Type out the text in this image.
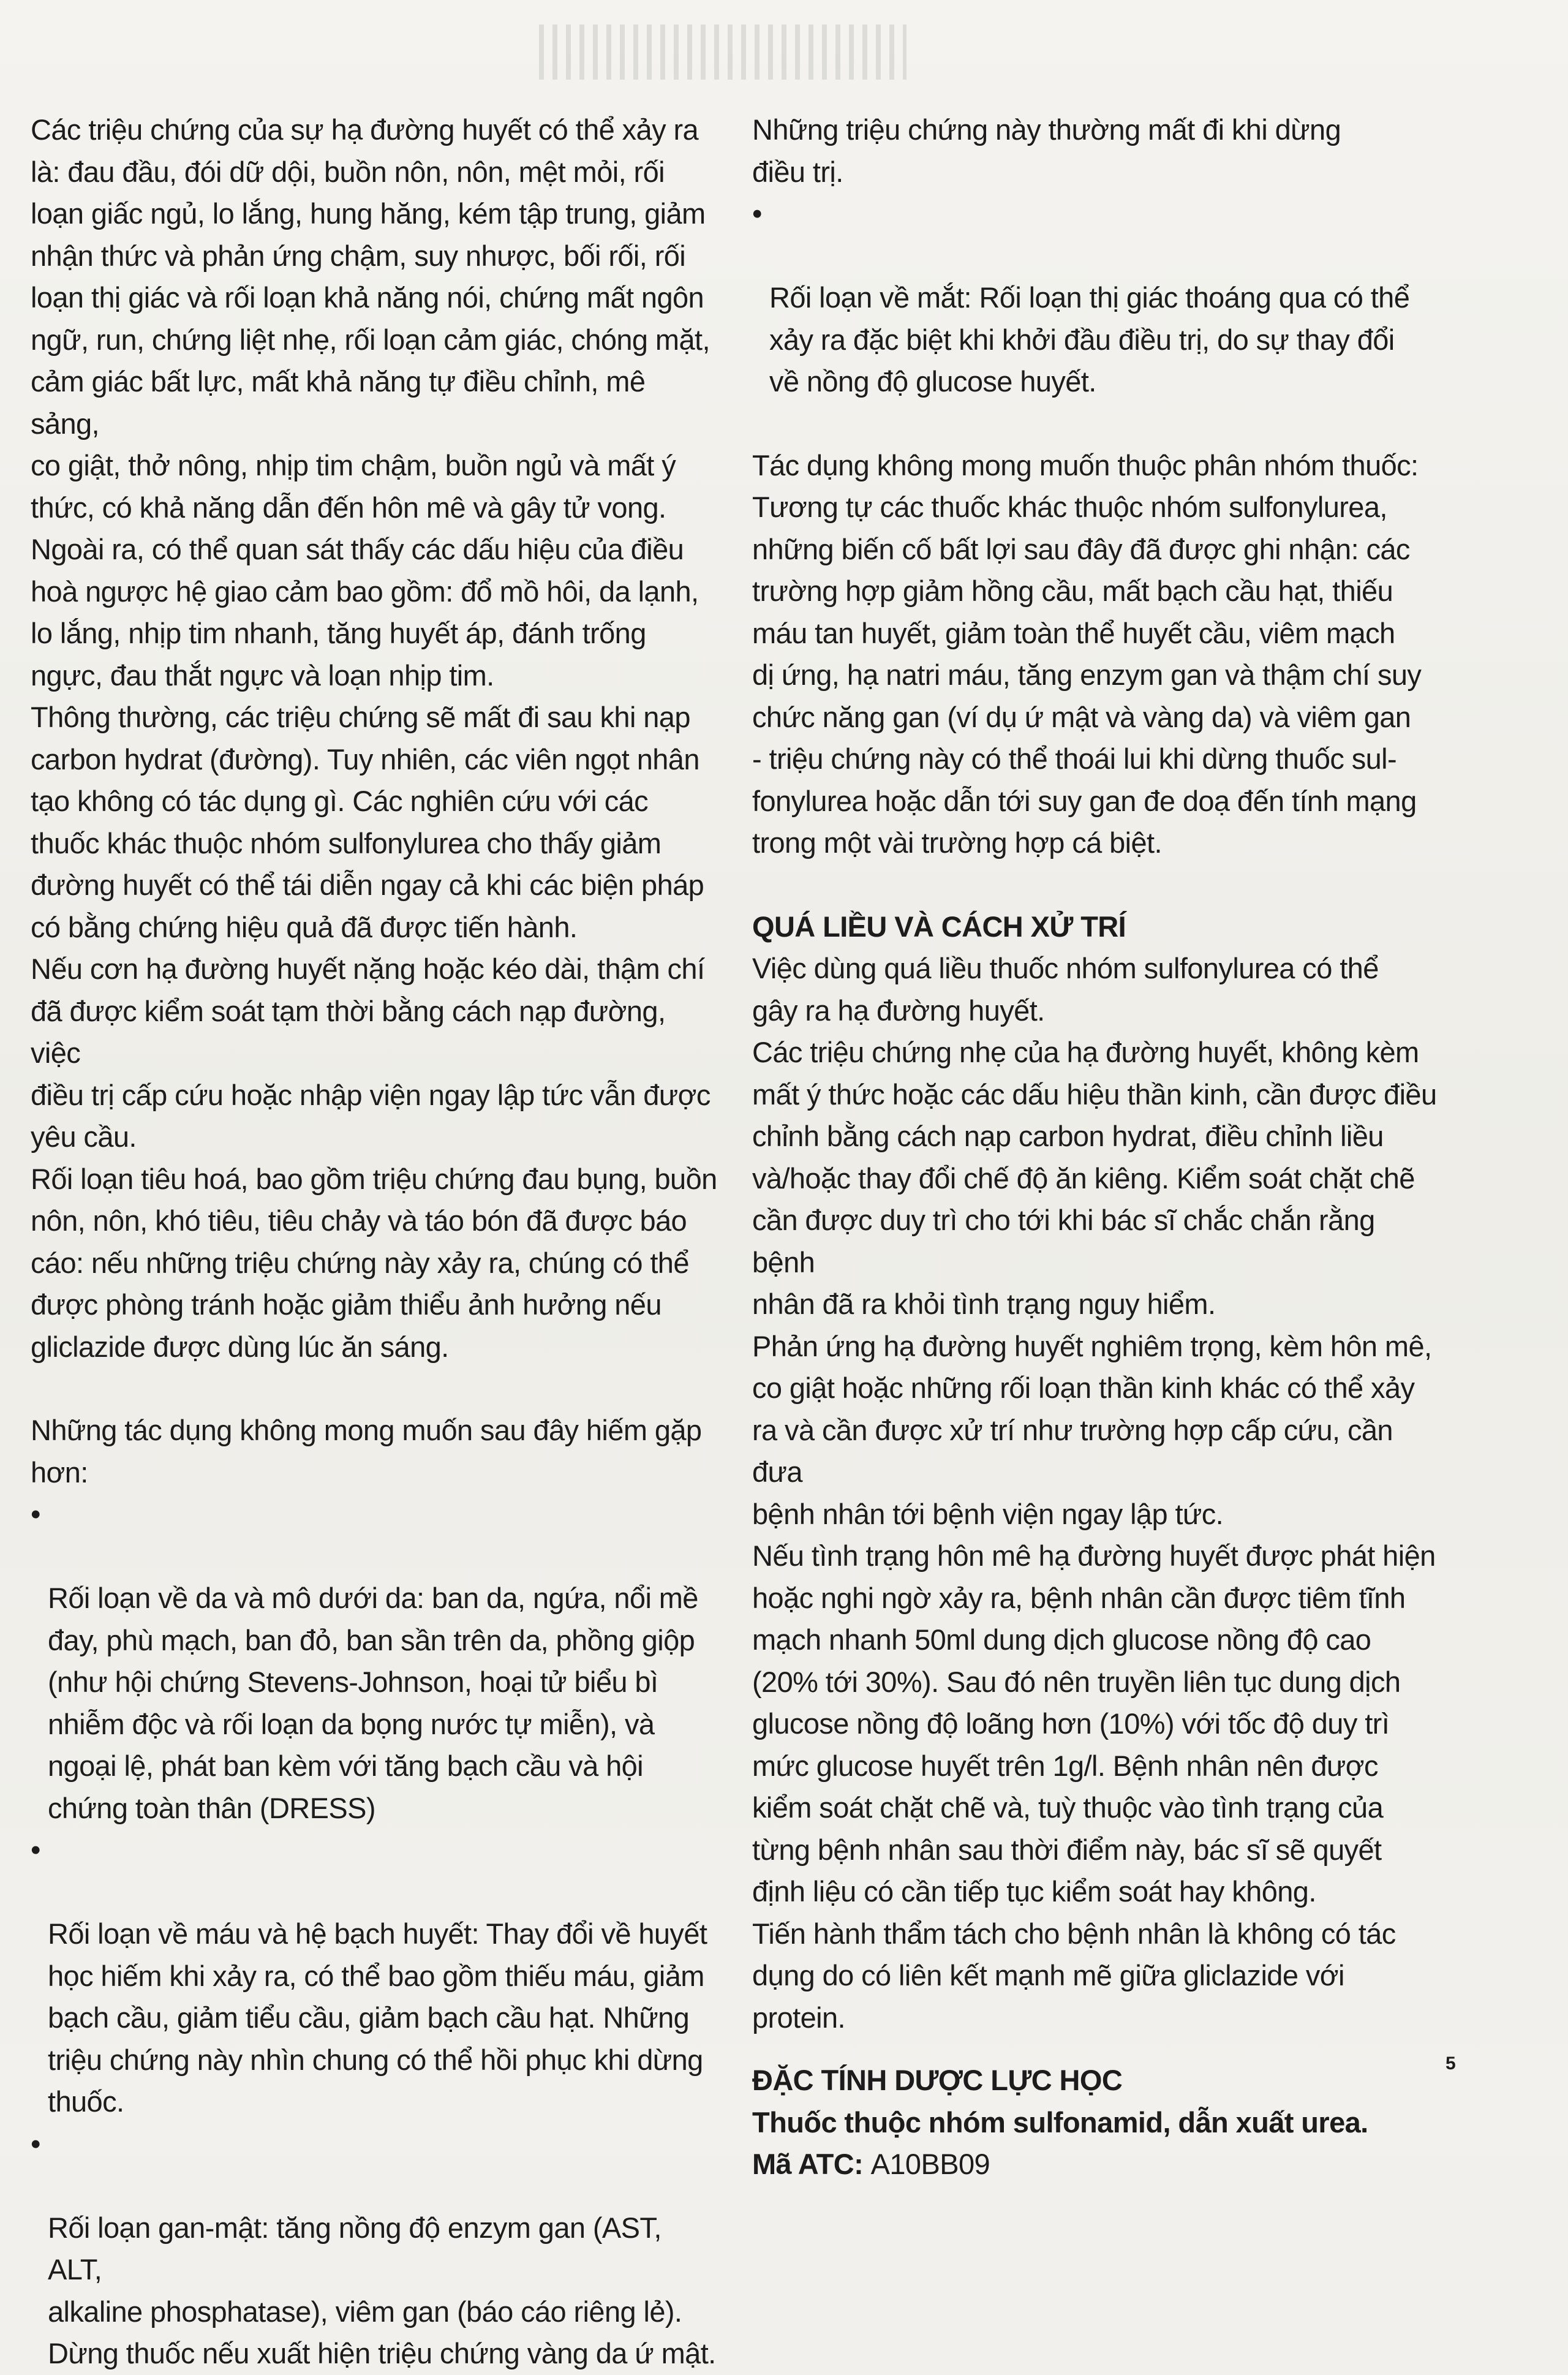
Các triệu chứng của sự hạ đường huyết có thể xảy ra
là: đau đầu, đói dữ dội, buồn nôn, nôn, mệt mỏi, rối
loạn giấc ngủ, lo lắng, hung hăng, kém tập trung, giảm
nhận thức và phản ứng chậm, suy nhược, bối rối, rối
loạn thị giác và rối loạn khả năng nói, chứng mất ngôn
ngữ, run, chứng liệt nhẹ, rối loạn cảm giác, chóng mặt,
cảm giác bất lực, mất khả năng tự điều chỉnh, mê sảng,
co giật, thở nông, nhịp tim chậm, buồn ngủ và mất ý
thức, có khả năng dẫn đến hôn mê và gây tử vong.

Ngoài ra, có thể quan sát thấy các dấu hiệu của điều
hoà ngược hệ giao cảm bao gồm: đổ mồ hôi, da lạnh,
lo lắng, nhịp tim nhanh, tăng huyết áp, đánh trống
ngực, đau thắt ngực và loạn nhịp tim.

Thông thường, các triệu chứng sẽ mất đi sau khi nạp
carbon hydrat (đường). Tuy nhiên, các viên ngọt nhân
tạo không có tác dụng gì. Các nghiên cứu với các
thuốc khác thuộc nhóm sulfonylurea cho thấy giảm
đường huyết có thể tái diễn ngay cả khi các biện pháp
có bằng chứng hiệu quả đã được tiến hành.

Nếu cơn hạ đường huyết nặng hoặc kéo dài, thậm chí
đã được kiểm soát tạm thời bằng cách nạp đường, việc
điều trị cấp cứu hoặc nhập viện ngay lập tức vẫn được
yêu cầu.

Rối loạn tiêu hoá, bao gồm triệu chứng đau bụng, buồn
nôn, nôn, khó tiêu, tiêu chảy và táo bón đã được báo
cáo: nếu những triệu chứng này xảy ra, chúng có thể
được phòng tránh hoặc giảm thiểu ảnh hưởng nếu
gliclazide được dùng lúc ăn sáng.

Những tác dụng không mong muốn sau đây hiếm gặp
hơn:

•

Rối loạn về da và mô dưới da: ban da, ngứa, nổi mề
đay, phù mạch, ban đỏ, ban sần trên da, phồng giộp
(như hội chứng Stevens-Johnson, hoại tử biểu bì
nhiễm độc và rối loạn da bọng nước tự miễn), và
ngoại lệ, phát ban kèm với tăng bạch cầu và hội
chứng toàn thân (DRESS)

•

Rối loạn về máu và hệ bạch huyết: Thay đổi về huyết
học hiếm khi xảy ra, có thể bao gồm thiếu máu, giảm
bạch cầu, giảm tiểu cầu, giảm bạch cầu hạt. Những
triệu chứng này nhìn chung có thể hồi phục khi dừng
thuốc.

•

Rối loạn gan-mật: tăng nồng độ enzym gan (AST, ALT,
alkaline phosphatase), viêm gan (báo cáo riêng lẻ).
Dừng thuốc nếu xuất hiện triệu chứng vàng da ứ mật.

Những triệu chứng này thường mất đi khi dừng
điều trị.

•

Rối loạn về mắt: Rối loạn thị giác thoáng qua có thể
xảy ra đặc biệt khi khởi đầu điều trị, do sự thay đổi
về nồng độ glucose huyết.

Tác dụng không mong muốn thuộc phân nhóm thuốc:
Tương tự các thuốc khác thuộc nhóm sulfonylurea,
những biến cố bất lợi sau đây đã được ghi nhận: các
trường hợp giảm hồng cầu, mất bạch cầu hạt, thiếu
máu tan huyết, giảm toàn thể huyết cầu, viêm mạch
dị ứng, hạ natri máu, tăng enzym gan và thậm chí suy
chức năng gan (ví dụ ứ mật và vàng da) và viêm gan
- triệu chứng này có thể thoái lui khi dừng thuốc sul-
fonylurea hoặc dẫn tới suy gan đe doạ đến tính mạng
trong một vài trường hợp cá biệt.

QUÁ LIỀU VÀ CÁCH XỬ TRÍ

Việc dùng quá liều thuốc nhóm sulfonylurea có thể
gây ra hạ đường huyết.

Các triệu chứng nhẹ của hạ đường huyết, không kèm
mất ý thức hoặc các dấu hiệu thần kinh, cần được điều
chỉnh bằng cách nạp carbon hydrat, điều chỉnh liều
và/hoặc thay đổi chế độ ăn kiêng. Kiểm soát chặt chẽ
cần được duy trì cho tới khi bác sĩ chắc chắn rằng bệnh
nhân đã ra khỏi tình trạng nguy hiểm.

Phản ứng hạ đường huyết nghiêm trọng, kèm hôn mê,
co giật hoặc những rối loạn thần kinh khác có thể xảy
ra và cần được xử trí như trường hợp cấp cứu, cần đưa
bệnh nhân tới bệnh viện ngay lập tức.

Nếu tình trạng hôn mê hạ đường huyết được phát hiện
hoặc nghi ngờ xảy ra, bệnh nhân cần được tiêm tĩnh
mạch nhanh 50ml dung dịch glucose nồng độ cao
(20% tới 30%). Sau đó nên truyền liên tục dung dịch
glucose nồng độ loãng hơn (10%) với tốc độ duy trì
mức glucose huyết trên 1g/l. Bệnh nhân nên được
kiểm soát chặt chẽ và, tuỳ thuộc vào tình trạng của
từng bệnh nhân sau thời điểm này, bác sĩ sẽ quyết
định liệu có cần tiếp tục kiểm soát hay không.

Tiến hành thẩm tách cho bệnh nhân là không có tác
dụng do có liên kết mạnh mẽ giữa gliclazide với
protein.

ĐẶC TÍNH DƯỢC LỰC HỌC

Thuốc thuộc nhóm sulfonamid, dẫn xuất urea.

Mã ATC: A10BB09

5
